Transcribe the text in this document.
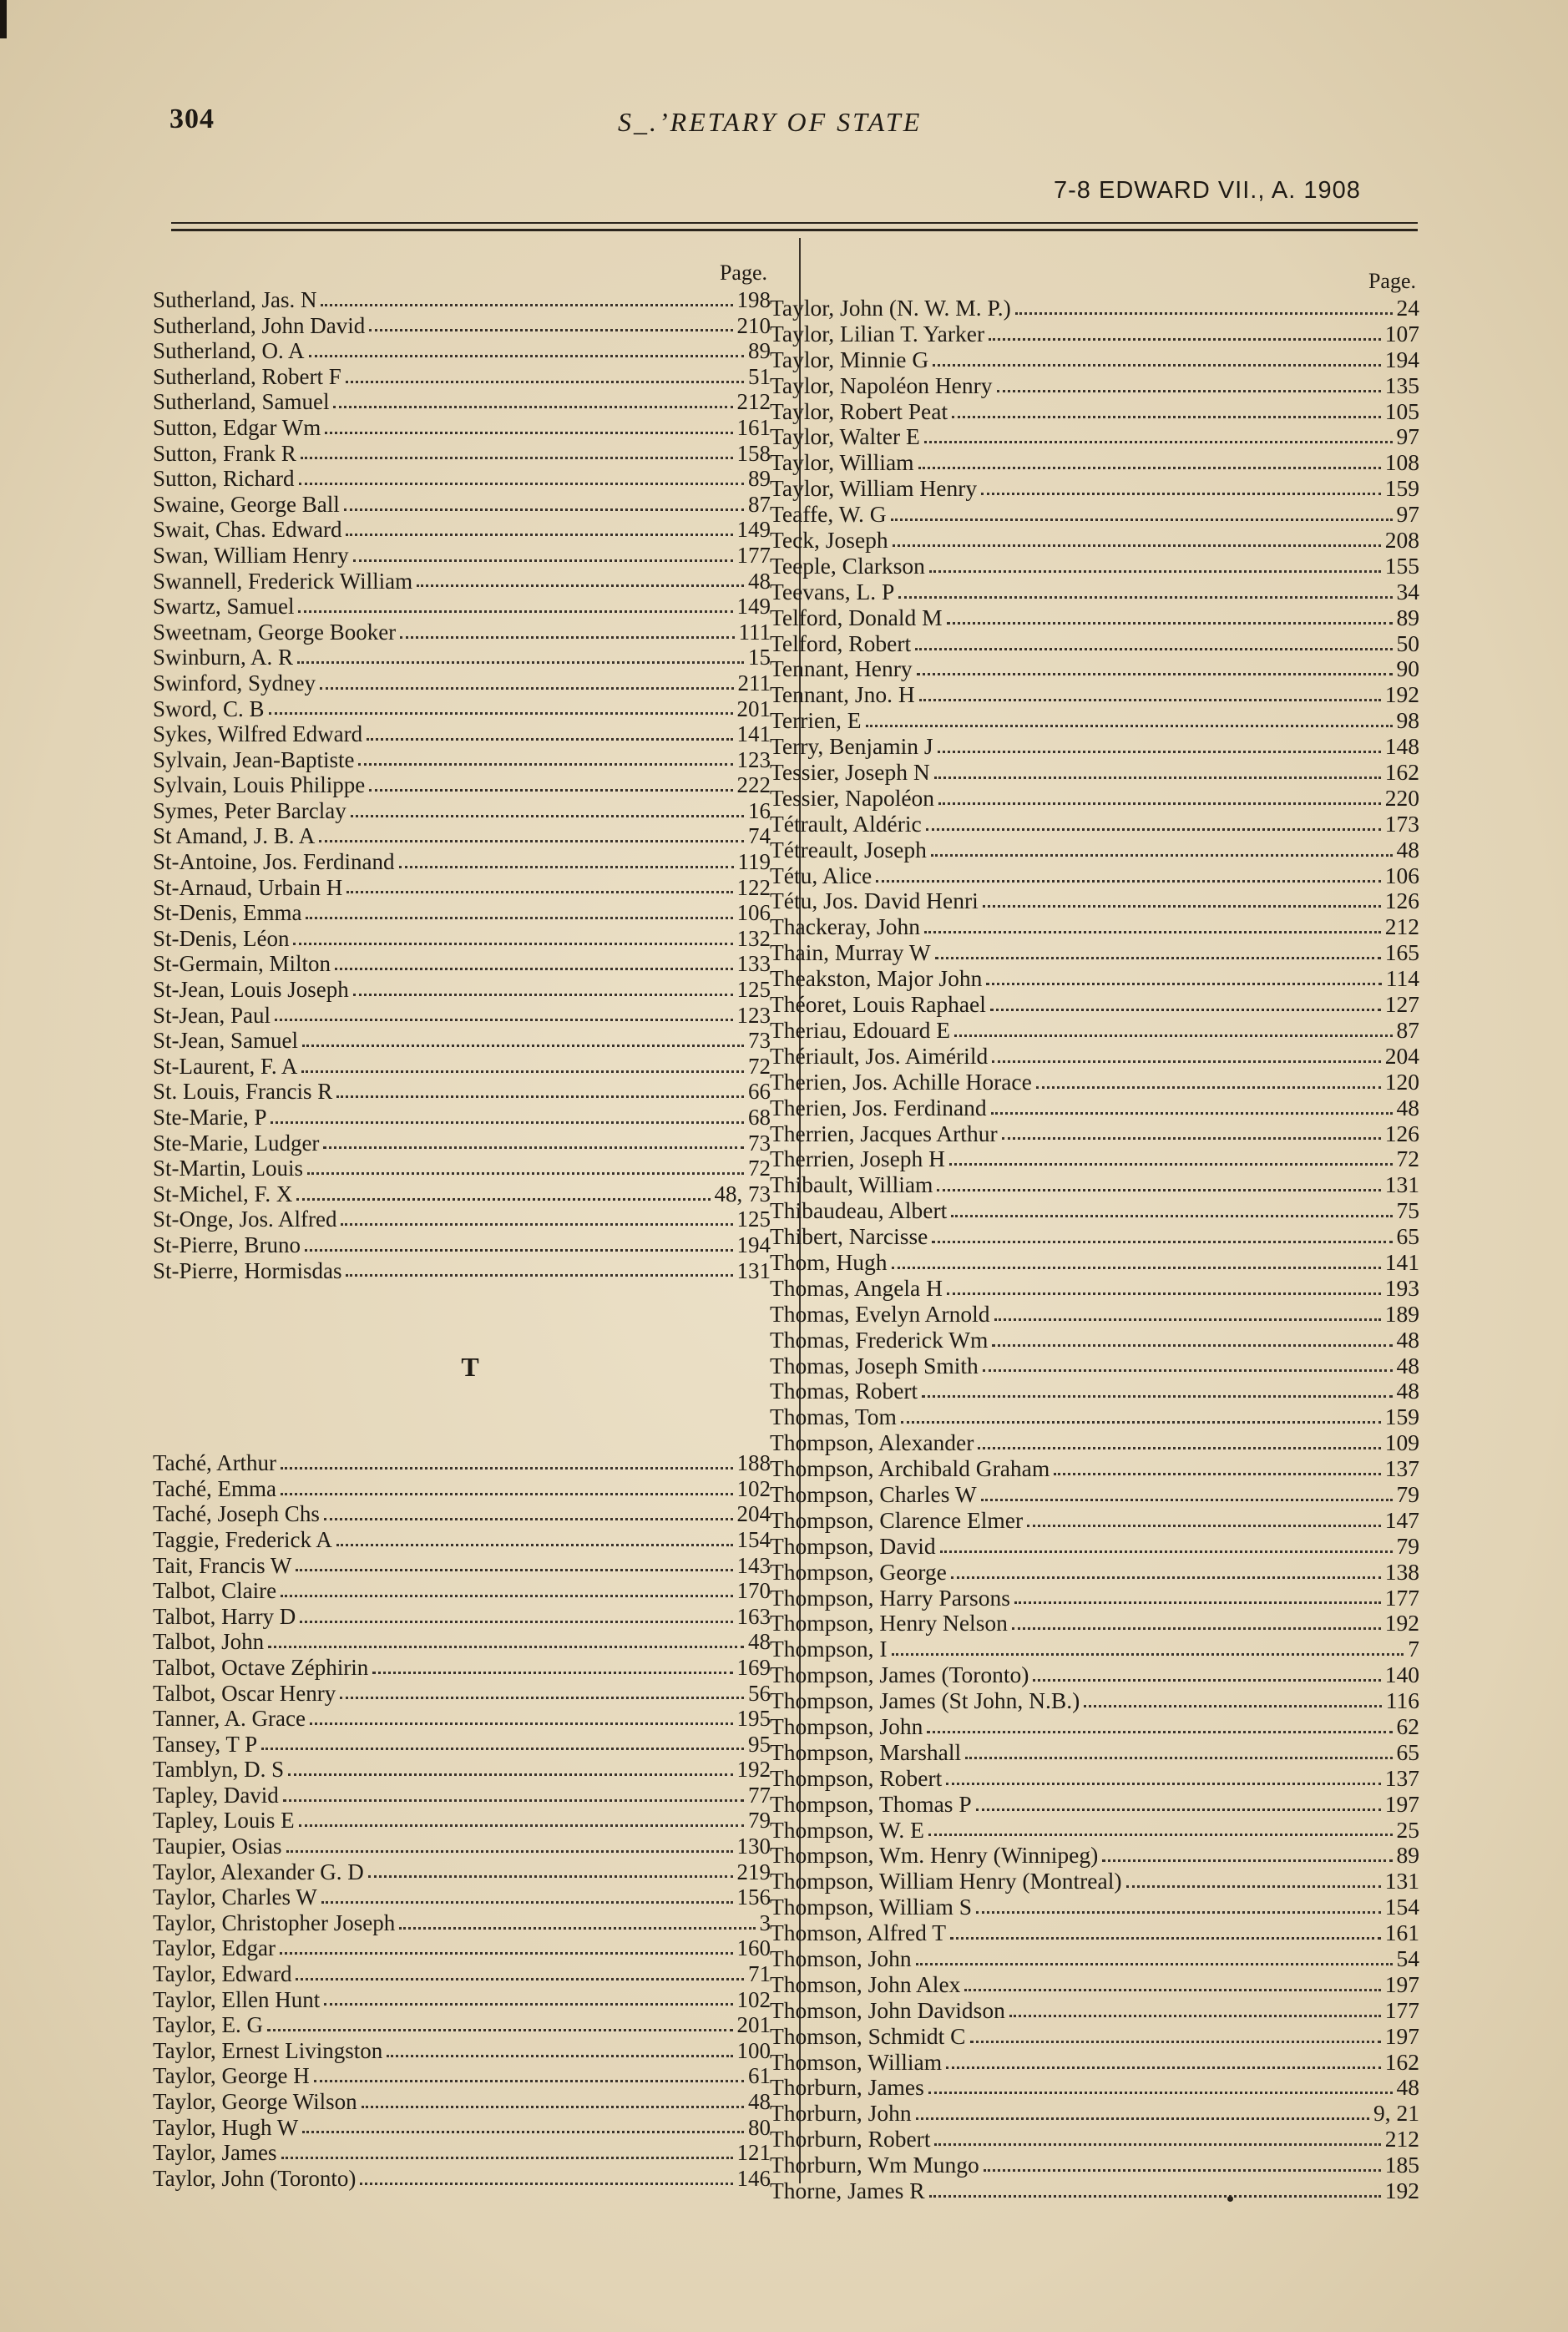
304	S_.’RETARY OF STATE
7-8 EDWARD VII., A. 1908
Page.
Sutherland, Jas. N	198
Sutherland, John David	210
Sutherland, O. A	89
Sutherland, Robert F	51
Sutherland, Samuel	212
Sutton, Edgar Wm	161
Sutton, Frank R	158
Sutton, Richard	89
Swaine, George Ball	87
Swait, Chas. Edward	149
Swan, William Henry	177
Swannell, Frederick William	48
Swartz, Samuel	149
Sweetnam, George Booker	111
Swinburn, A. R	15
Swinford, Sydney	211
Sword, C. B	201
Sykes, Wilfred Edward	141
Sylvain, Jean-Baptiste	123
Sylvain, Louis Philippe	222
Symes, Peter Barclay	16
St Amand, J. B. A	74
St-Antoine, Jos. Ferdinand	119
St-Arnaud, Urbain H	122
St-Denis, Emma	106
St-Denis, Léon	132
St-Germain, Milton	133
St-Jean, Louis Joseph	125
St-Jean, Paul	123
St-Jean, Samuel	73
St-Laurent, F. A	72
St. Louis, Francis R	66
Ste-Marie, P	68
Ste-Marie, Ludger	73
St-Martin, Louis	72
St-Michel, F. X	48, 73
St-Onge, Jos. Alfred	125
St-Pierre, Bruno	194
St-Pierre, Hormisdas	131
T
Taché, Arthur	188
Taché, Emma	102
Taché, Joseph Chs	204
Taggie, Frederick A	154
Tait, Francis W	143
Talbot, Claire	170
Talbot, Harry D	163
Talbot, John	48
Talbot, Octave Zéphirin	169
Talbot, Oscar Henry	56
Tanner, A. Grace	195
Tansey, T P	95
Tamblyn, D. S	192
Tapley, David	77
Tapley, Louis E	79
Taupier, Osias	130
Taylor, Alexander G. D	219
Taylor, Charles W	156
Taylor, Christopher Joseph	3
Taylor, Edgar	160
Taylor, Edward	71
Taylor, Ellen Hunt	102
Taylor, E. G	201
Taylor, Ernest Livingston	100
Taylor, George H	61
Taylor, George Wilson	48
Taylor, Hugh W	80
Taylor, James	121
Taylor, John (Toronto)	146
Page.
Taylor, John (N. W. M. P.)	24
Taylor, Lilian T. Yarker	107
Taylor, Minnie G	194
Taylor, Napoléon Henry	135
Taylor, Robert Peat	105
Taylor, Walter E	97
Taylor, William	108
Taylor, William Henry	159
Teaffe, W. G	97
Teck, Joseph	208
Teeple, Clarkson	155
Teevans, L. P	34
Telford, Donald M	89
Telford, Robert	50
Tennant, Henry	90
Tennant, Jno. H	192
Terrien, E	98
Terry, Benjamin J	148
Tessier, Joseph N	162
Tessier, Napoléon	220
Tétrault, Aldéric	173
Tétreault, Joseph	48
Tétu, Alice	106
Tétu, Jos. David Henri	126
Thackeray, John	212
Thain, Murray W	165
Theakston, Major John	114
Théoret, Louis Raphael	127
Theriau, Edouard E	87
Thériault, Jos. Aimérild	204
Therien, Jos. Achille Horace	120
Therien, Jos. Ferdinand	48
Therrien, Jacques Arthur	126
Therrien, Joseph H	72
Thibault, William	131
Thibaudeau, Albert	75
Thibert, Narcisse	65
Thom, Hugh	141
Thomas, Angela H	193
Thomas, Evelyn Arnold	189
Thomas, Frederick Wm	48
Thomas, Joseph Smith	48
Thomas, Robert	48
Thomas, Tom	159
Thompson, Alexander	109
Thompson, Archibald Graham	137
Thompson, Charles W	79
Thompson, Clarence Elmer	147
Thompson, David	79
Thompson, George	138
Thompson, Harry Parsons	177
Thompson, Henry Nelson	192
Thompson, I	7
Thompson, James (Toronto)	140
Thompson, James (St John, N.B.)	116
Thompson, John	62
Thompson, Marshall	65
Thompson, Robert	137
Thompson, Thomas P	197
Thompson, W. E	25
Thompson, Wm. Henry (Winnipeg)	89
Thompson, William Henry (Montreal)	131
Thompson, William S	154
Thomson, Alfred T	161
Thomson, John	54
Thomson, John Alex	197
Thomson, John Davidson	177
Thomson, Schmidt C	197
Thomson, William	162
Thorburn, James	48
Thorburn, John	9, 21
Thorburn, Robert	212
Thorburn, Wm Mungo	185
Thorne, James R	192
